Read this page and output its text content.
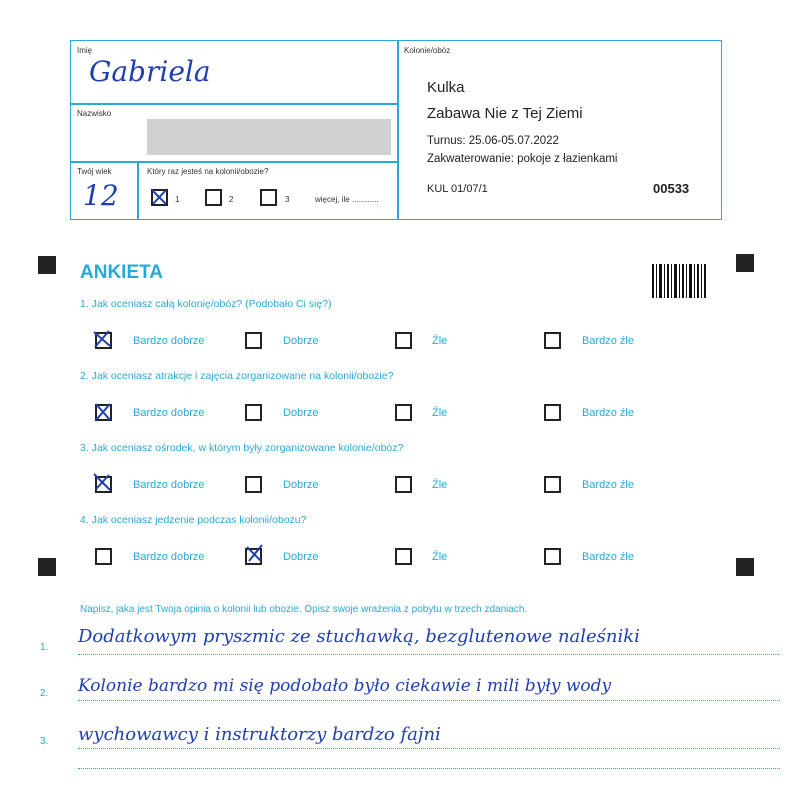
Imię
Gabriela
Nazwisko
Twój wiek
12
Który raz jesteś na kolonii/obozie?
1	2	3	więcej, ile ............
Kolonie/obóz
Kulka
Zabawa Nie z Tej Ziemi
Turnus: 25.06-05.07.2022
Zakwaterowanie: pokoje z łazienkami
KUL 01/07/1	00533
ANKIETA
1. Jak oceniasz całą kolonię/obóz? (Podobało Ci się?)
2. Jak oceniasz atrakcje i zajęcia zorganizowane na kolonii/obozie?
3. Jak oceniasz ośrodek, w którym były zorganizowane kolonie/obóz?
4. Jak oceniasz jedzenie podczas kolonii/obozu?
Bardzo dobrze	Dobrze	Źle	Bardzo źle
Bardzo dobrze	Dobrze	Źle	Bardzo źle
Bardzo dobrze	Dobrze	Źle	Bardzo źle
Bardzo dobrze	Dobrze	Źle	Bardzo źle
Napisz, jaka jest Twoja opinia o kolonii lub obozie. Opisz swoje wrażenia z pobytu w trzech zdaniach.
1.
2.
3.
Dodatkowym pryszmic ze stuchawką, bezglutenowe naleśniki
Kolonie bardzo mi się podobało było ciekawie i mili były wody
wychowawcy i instruktorzy bardzo fajni
